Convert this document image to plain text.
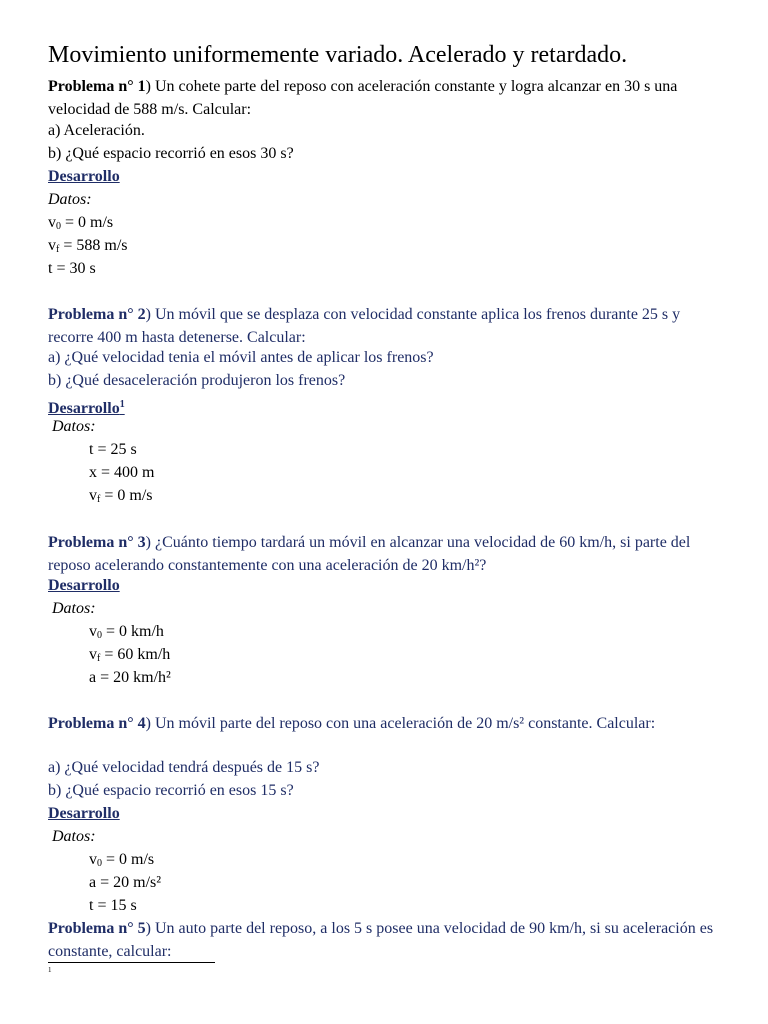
Movimiento uniformemente variado. Acelerado y retardado.

Problema n° 1) Un cohete parte del reposo con aceleración constante y logra alcanzar en 30 s una velocidad de 588 m/s. Calcular:

a) Aceleración.

b) ¿Qué espacio recorrió en esos 30 s?

Desarrollo

Datos:

$v_0 = 0$ m/s

$v_f = 588$ m/s

t = 30 s

Problema n° 2) Un móvil que se desplaza con velocidad constante aplica los frenos durante 25 s y recorre 400 m hasta detenerse. Calcular:

a) ¿Qué velocidad tenia el móvil antes de aplicar los frenos?

b) ¿Qué desaceleración produjeron los frenos?

Desarrollo$^1$

Datos:

t = 25 s

x = 400 m

$v_f = 0$ m/s

Problema n° 3) ¿Cuánto tiempo tardará un móvil en alcanzar una velocidad de 60 km/h, si parte del reposo acelerando constantemente con una aceleración de 20 km/h²?

Desarrollo

Datos:

$v_0 = 0$ km/h

$v_f = 60$ km/h

a = 20 km/h²

Problema n° 4) Un móvil parte del reposo con una aceleración de 20 m/s² constante. Calcular:

a) ¿Qué velocidad tendrá después de 15 s?

b) ¿Qué espacio recorrió en esos 15 s?

Desarrollo

Datos:

$v_0 = 0$ m/s

a = 20 m/s²

t = 15 s

Problema n° 5) Un auto parte del reposo, a los 5 s posee una velocidad de 90 km/h, si su aceleración es constante, calcular:

1
